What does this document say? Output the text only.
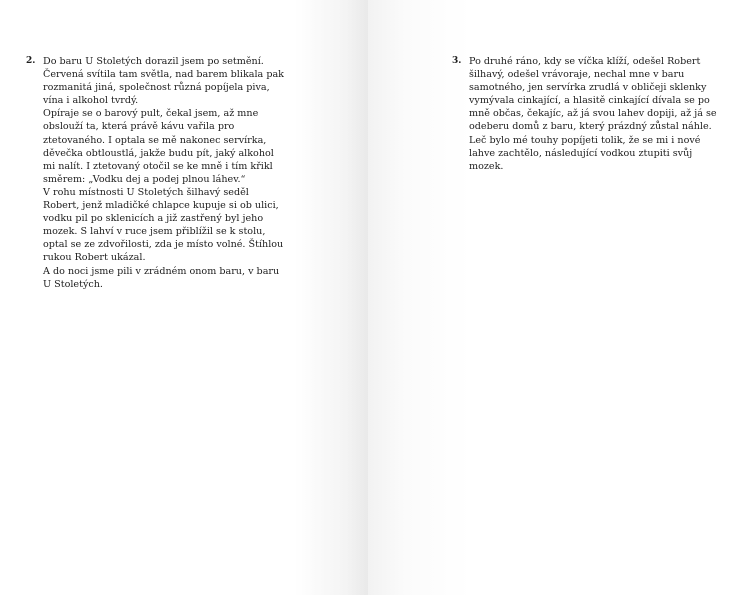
2. Do baru U Stoletých dorazil jsem po setmění.
Červená svítila tam světla, nad barem blikala pak
rozmanitá jiná, společnost různá popíjela piva,
vína i alkohol tvrdý.
Opíraje se o barový pult, čekal jsem, až mne
obslouží ta, která právě kávu vařila pro
ztetovaného. I optala se mě nakonec servírka,
děvečka obtloustlá, jakže budu pít, jaký alkohol
mi nalít. I ztetovaný otočil se ke mně i tím křikl
směrem: „Vodku dej a podej plnou láhev.“
V rohu místnosti U Stoletých šilhavý seděl
Robert, jenž mladičké chlapce kupuje si ob ulici,
vodku pil po sklenicích a již zastřený byl jeho
mozek. S lahví v ruce jsem přiblížil se k stolu,
optal se ze zdvořilosti, zda je místo volné. Štíhlou
rukou Robert ukázal.
A do noci jsme pili v zrádném onom baru, v baru
U Stoletých.
3. Po druhé ráno, kdy se víčka klíží, odešel Robert
šilhavý, odešel vrávoraje, nechal mne v baru
samotného, jen servírka zrudlá v obličeji sklenky
vymývala cinkající, a hlasitě cinkající dívala se po
mně občas, čekajíc, až já svou lahev dopiji, až já se
odeberu domů z baru, který prázdný zůstal náhle.
Leč bylo mé touhy popíjeti tolik, že se mi i nové
lahve zachtělo, následující vodkou ztupiti svůj
mozek.
